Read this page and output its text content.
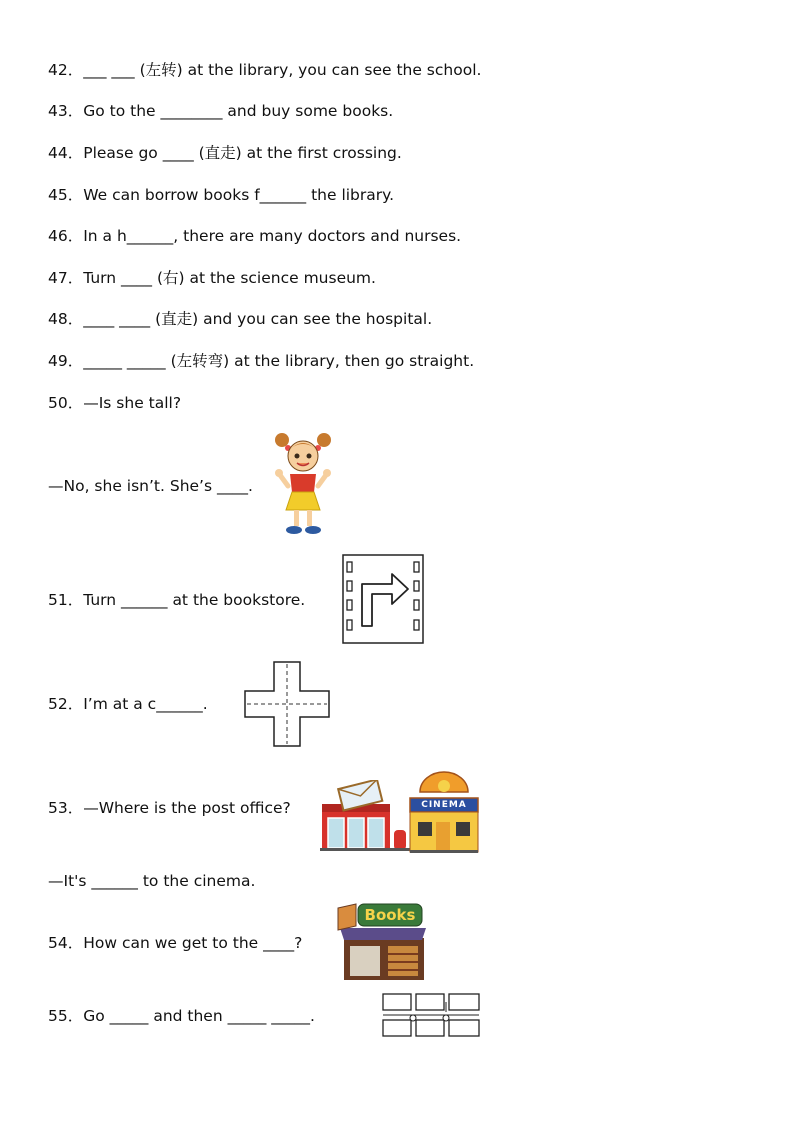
42．___ ___ (左转) at the library, you can see the school.
43．Go to the ________ and buy some books.
44．Please go ____ (直走) at the first crossing.
45．We can borrow books f______ the library.
46．In a h______, there are many doctors and nurses.
47．Turn ____ (右) at the science museum.
48．____ ____ (直走) and you can see the hospital.
49．_____ _____ (左转弯) at the library, then go straight.
50．—Is she tall?
—No, she isn’t. She’s ____.
51．Turn ______ at the bookstore.
52．I’m at a c______.
53．—Where is the post office?
—It's ______ to the cinema.
54．How can we get to the ____?
55．Go _____ and then _____ _____.
CINEMA
Books
